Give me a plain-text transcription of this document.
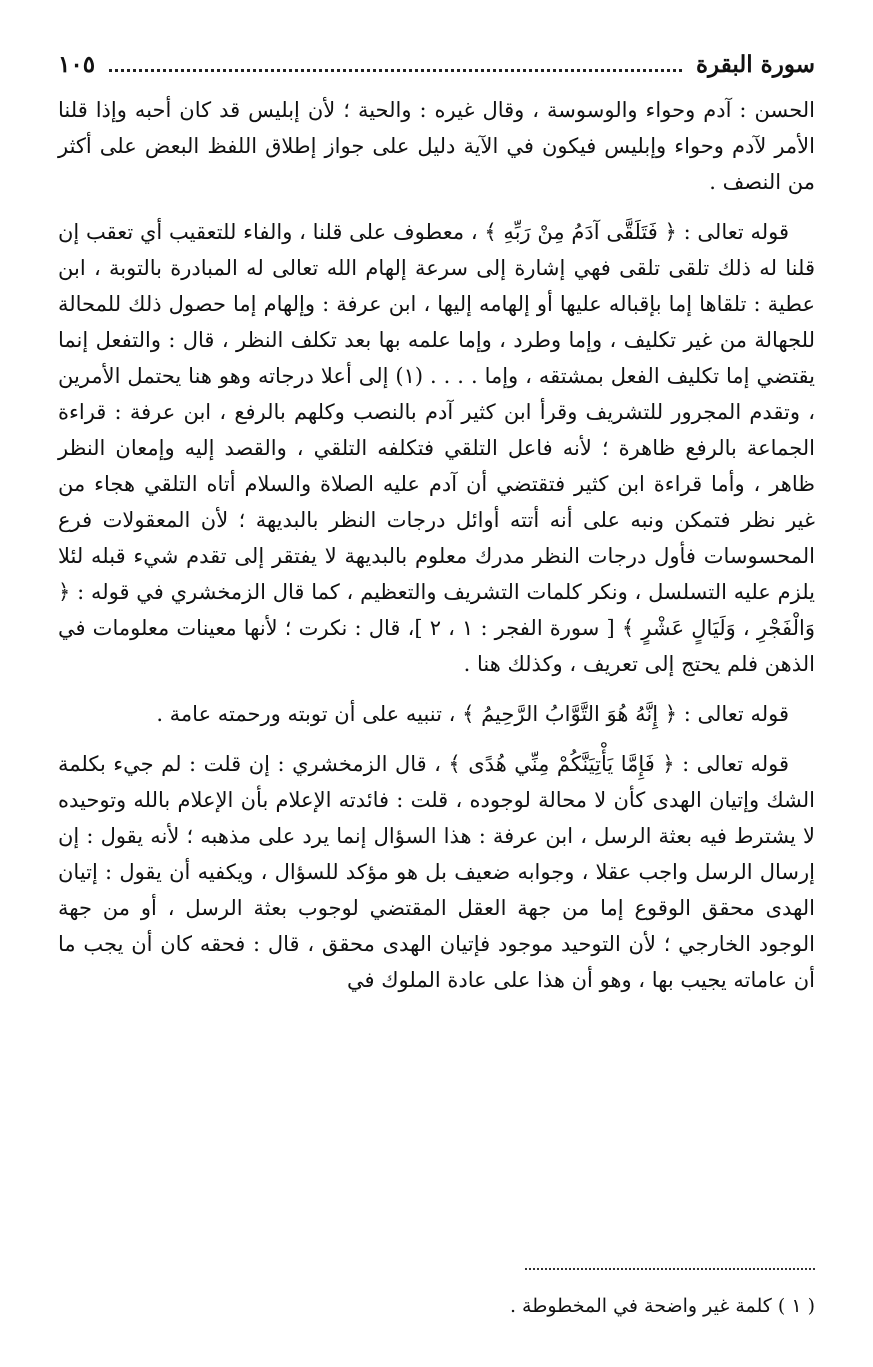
سورة البقرة
١٠٥

الحسن : آدم وحواء والوسوسة ، وقال غيره : والحية ؛ لأن إبليس قد كان أحبه وإذا قلنا الأمر لآدم وحواء وإبليس فيكون في الآية دليل على جواز إطلاق اللفظ البعض على أكثر من النصف .

قوله تعالى : ﴿ فَتَلَقَّى آدَمُ مِنْ رَبِّهِ ﴾ ، معطوف على قلنا ، والفاء للتعقيب أي تعقب إن قلنا له ذلك تلقى تلقى فهي إشارة إلى سرعة إلهام الله تعالى له المبادرة بالتوبة ، ابن عطية : تلقاها إما بإقباله عليها أو إلهامه إليها ، ابن عرفة : وإلهام إما حصول ذلك للمحالة للجهالة من غير تكليف ، وإما وطرد ، وإما علمه بها بعد تكلف النظر ، قال : والتفعل إنما يقتضي إما تكليف الفعل بمشتقه ، وإما . . . . (١) إلى أعلا درجاته وهو هنا يحتمل الأمرين ، وتقدم المجرور للتشريف وقرأ ابن كثير آدم بالنصب وكلهم بالرفع ، ابن عرفة : قراءة الجماعة بالرفع ظاهرة ؛ لأنه فاعل التلقي فتكلفه التلقي ، والقصد إليه وإمعان النظر ظاهر ، وأما قراءة ابن كثير فتقتضي أن آدم عليه الصلاة والسلام أتاه التلقي هجاء من غير نظر فتمكن ونبه على أنه أتته أوائل درجات النظر بالبديهة ؛ لأن المعقولات فرع المحسوسات فأول درجات النظر مدرك معلوم بالبديهة لا يفتقر إلى تقدم شيء قبله لئلا يلزم عليه التسلسل ، ونكر كلمات التشريف والتعظيم ، كما قال الزمخشري في قوله : ﴿ وَالْفَجْرِ ، وَلَيَالٍ عَشْرٍ ﴾ [ سورة الفجر : ١ ، ٢ ]، قال : نكرت ؛ لأنها معينات معلومات في الذهن فلم يحتج إلى تعريف ، وكذلك هنا .

قوله تعالى : ﴿ إِنَّهُ هُوَ التَّوَّابُ الرَّحِيمُ ﴾ ، تنبيه على أن توبته ورحمته عامة .

قوله تعالى : ﴿ فَإِمَّا يَأْتِيَنَّكُمْ مِنِّي هُدًى ﴾ ، قال الزمخشري : إن قلت : لم جيء بكلمة الشك وإتيان الهدى كأن لا محالة لوجوده ، قلت : فائدته الإعلام بأن الإعلام بالله وتوحيده لا يشترط فيه بعثة الرسل ، ابن عرفة : هذا السؤال إنما يرد على مذهبه ؛ لأنه يقول : إن إرسال الرسل واجب عقلا ، وجوابه ضعيف بل هو مؤكد للسؤال ، ويكفيه أن يقول : إتيان الهدى محقق الوقوع إما من جهة العقل المقتضي لوجوب بعثة الرسل ، أو من جهة الوجود الخارجي ؛ لأن التوحيد موجود فإتيان الهدى محقق ، قال : فحقه كان أن يجب ما أن عاماته يجيب بها ، وهو أن هذا على عادة الملوك في

( ١ ) كلمة غير واضحة في المخطوطة .
